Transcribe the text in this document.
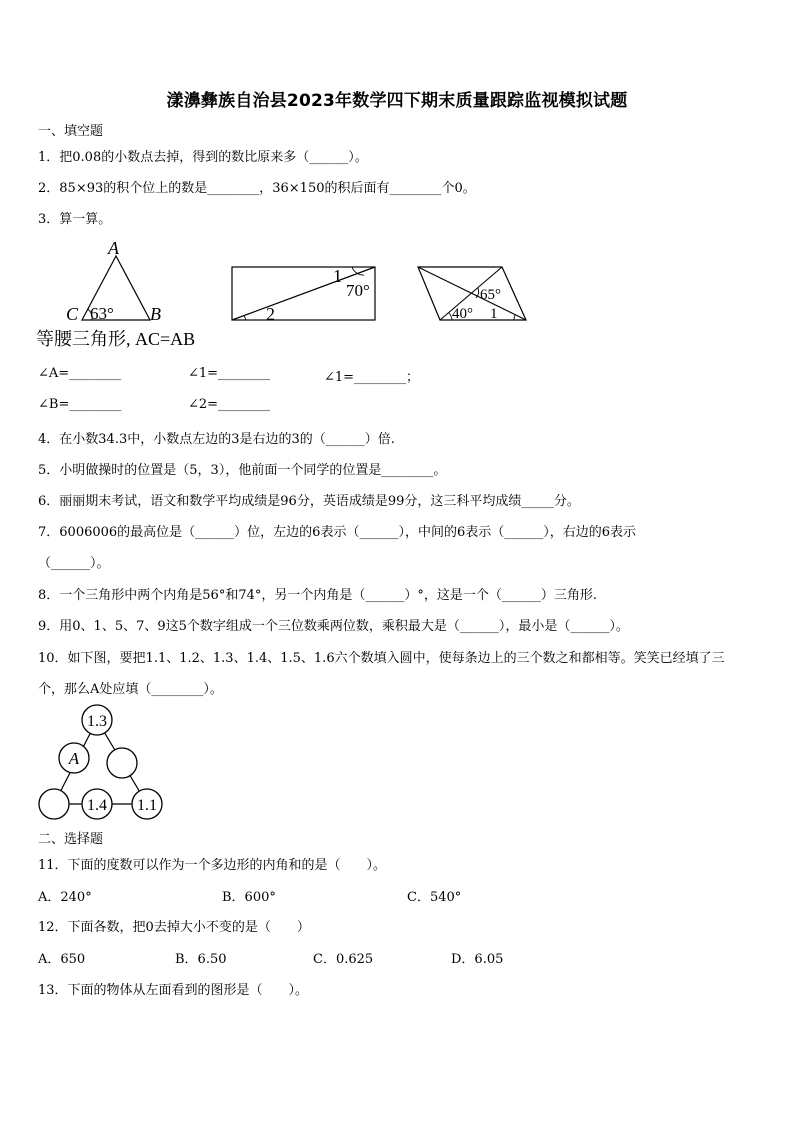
漾濞彝族自治县2023年数学四下期末质量跟踪监视模拟试题
一、填空题
1．把0.08的小数点去掉，得到的数比原来多（______）。
2．85×93的积个位上的数是________，36×150的积后面有________个0。
3．算一算。
A
C 63° B
1
70°
2
65°
40° 1
等腰三角形, AC=AB
∠A=________	∠1=________	∠1=________；
∠B=________	∠2=________
4．在小数34.3中，小数点左边的3是右边的3的（______）倍.
5．小明做操时的位置是（5，3），他前面一个同学的位置是________。
6．丽丽期末考试，语文和数学平均成绩是96分，英语成绩是99分，这三科平均成绩_____分。
7．6006006的最高位是（______）位，左边的6表示（______），中间的6表示（______），右边的6表示
（______）。
8．一个三角形中两个内角是56°和74°，另一个内角是（______）°，这是一个（______）三角形.
9．用0、1、5、7、9这5个数字组成一个三位数乘两位数，乘积最大是（______），最小是（______）。
10．如下图，要把1.1、1.2、1.3、1.4、1.5、1.6六个数填入圆中，使每条边上的三个数之和都相等。笑笑已经填了三
个，那么A处应填（________）。
1.3
A
1.4 1.1
二、选择题
11．下面的度数可以作为一个多边形的内角和的是（　　）。
A．240°	B．600°	C．540°
12．下面各数，把0去掉大小不变的是（　　）
A．650	B．6.50	C．0.625	D．6.05
13．下面的物体从左面看到的图形是（　　）。
